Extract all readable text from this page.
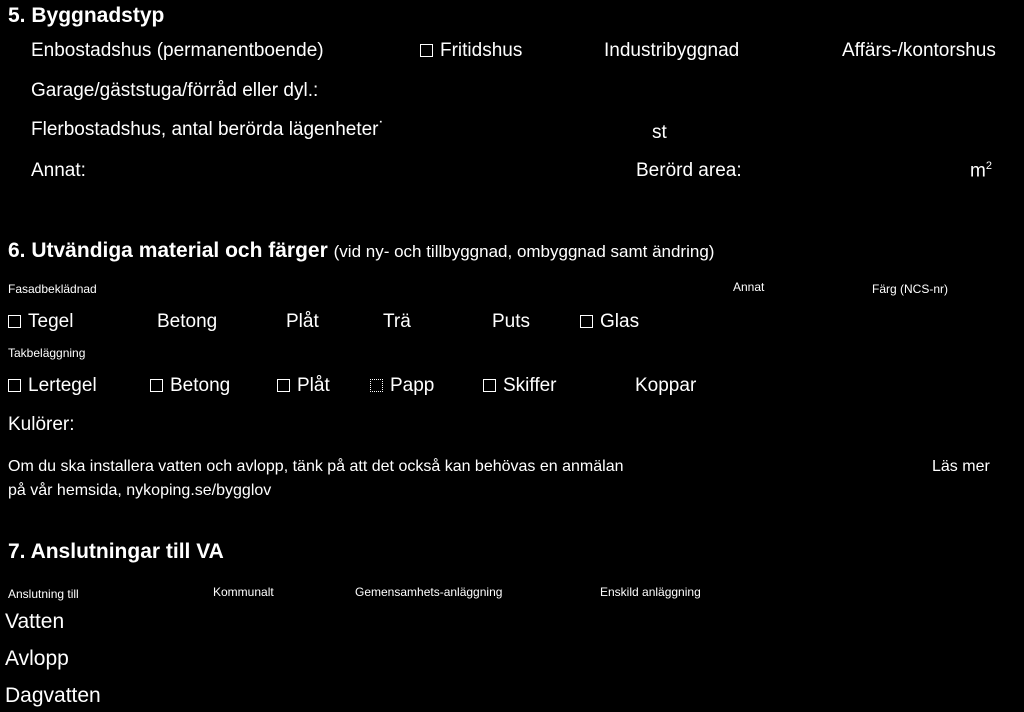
5. Byggnadstyp
Enbostadshus (permanentboende)	Fritidshus	Industribyggnad	Affärs-/kontorshus
Garage/gäststuga/förråd eller dyl.:
Flerbostadshus, antal berörda lägenheter˙	st
Annat:	Berörd area:	$m^2$
6. Utvändiga material och färger (vid ny- och tillbyggnad, ombyggnad samt ändring)
Fasadbeklädnad	Annat	Färg (NCS-nr)
Tegel	Betong	Plåt	Trä	Puts	Glas
Takbeläggning
Lertegel	Betong	Plåt	Papp	Skiffer	Koppar
Kulörer:
Om du ska installera vatten och avlopp, tänk på att det också kan behövas en anmälan
på vår hemsida, nykoping.se/bygglov
Läs mer
7. Anslutningar till VA
Anslutning till	Kommunalt	Gemensamhets-anläggning	Enskild anläggning
Vatten
Avlopp
Dagvatten
